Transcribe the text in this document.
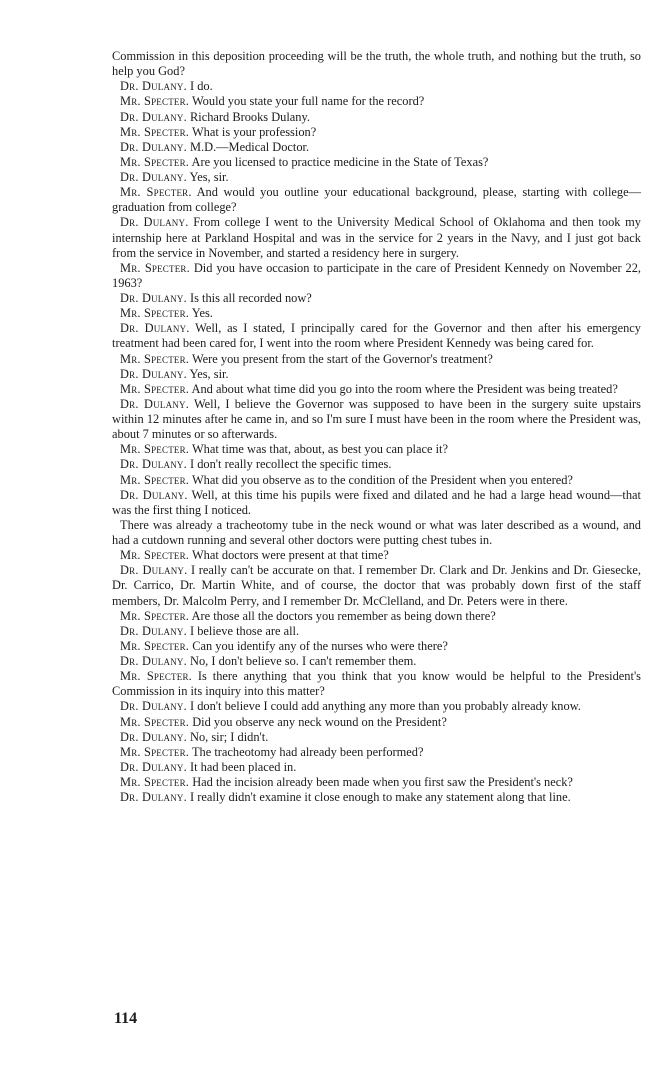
Commission in this deposition proceeding will be the truth, the whole truth, and nothing but the truth, so help you God?

Dr. Dulany. I do.

Mr. Specter. Would you state your full name for the record?

Dr. Dulany. Richard Brooks Dulany.

Mr. Specter. What is your profession?

Dr. Dulany. M.D.—Medical Doctor.

Mr. Specter. Are you licensed to practice medicine in the State of Texas?

Dr. Dulany. Yes, sir.

Mr. Specter. And would you outline your educational background, please, starting with college—graduation from college?

Dr. Dulany. From college I went to the University Medical School of Oklahoma and then took my internship here at Parkland Hospital and was in the service for 2 years in the Navy, and I just got back from the service in November, and started a residency here in surgery.

Mr. Specter. Did you have occasion to participate in the care of President Kennedy on November 22, 1963?

Dr. Dulany. Is this all recorded now?

Mr. Specter. Yes.

Dr. Dulany. Well, as I stated, I principally cared for the Governor and then after his emergency treatment had been cared for, I went into the room where President Kennedy was being cared for.

Mr. Specter. Were you present from the start of the Governor's treatment?

Dr. Dulany. Yes, sir.

Mr. Specter. And about what time did you go into the room where the President was being treated?

Dr. Dulany. Well, I believe the Governor was supposed to have been in the surgery suite upstairs within 12 minutes after he came in, and so I'm sure I must have been in the room where the President was, about 7 minutes or so afterwards.

Mr. Specter. What time was that, about, as best you can place it?

Dr. Dulany. I don't really recollect the specific times.

Mr. Specter. What did you observe as to the condition of the President when you entered?

Dr. Dulany. Well, at this time his pupils were fixed and dilated and he had a large head wound—that was the first thing I noticed.

There was already a tracheotomy tube in the neck wound or what was later described as a wound, and had a cutdown running and several other doctors were putting chest tubes in.

Mr. Specter. What doctors were present at that time?

Dr. Dulany. I really can't be accurate on that. I remember Dr. Clark and Dr. Jenkins and Dr. Giesecke, Dr. Carrico, Dr. Martin White, and of course, the doctor that was probably down first of the staff members, Dr. Malcolm Perry, and I remember Dr. McClelland, and Dr. Peters were in there.

Mr. Specter. Are those all the doctors you remember as being down there?

Dr. Dulany. I believe those are all.

Mr. Specter. Can you identify any of the nurses who were there?

Dr. Dulany. No, I don't believe so. I can't remember them.

Mr. Specter. Is there anything that you think that you know would be helpful to the President's Commission in its inquiry into this matter?

Dr. Dulany. I don't believe I could add anything any more than you probably already know.

Mr. Specter. Did you observe any neck wound on the President?

Dr. Dulany. No, sir; I didn't.

Mr. Specter. The tracheotomy had already been performed?

Dr. Dulany. It had been placed in.

Mr. Specter. Had the incision already been made when you first saw the President's neck?

Dr. Dulany. I really didn't examine it close enough to make any statement along that line.

114
